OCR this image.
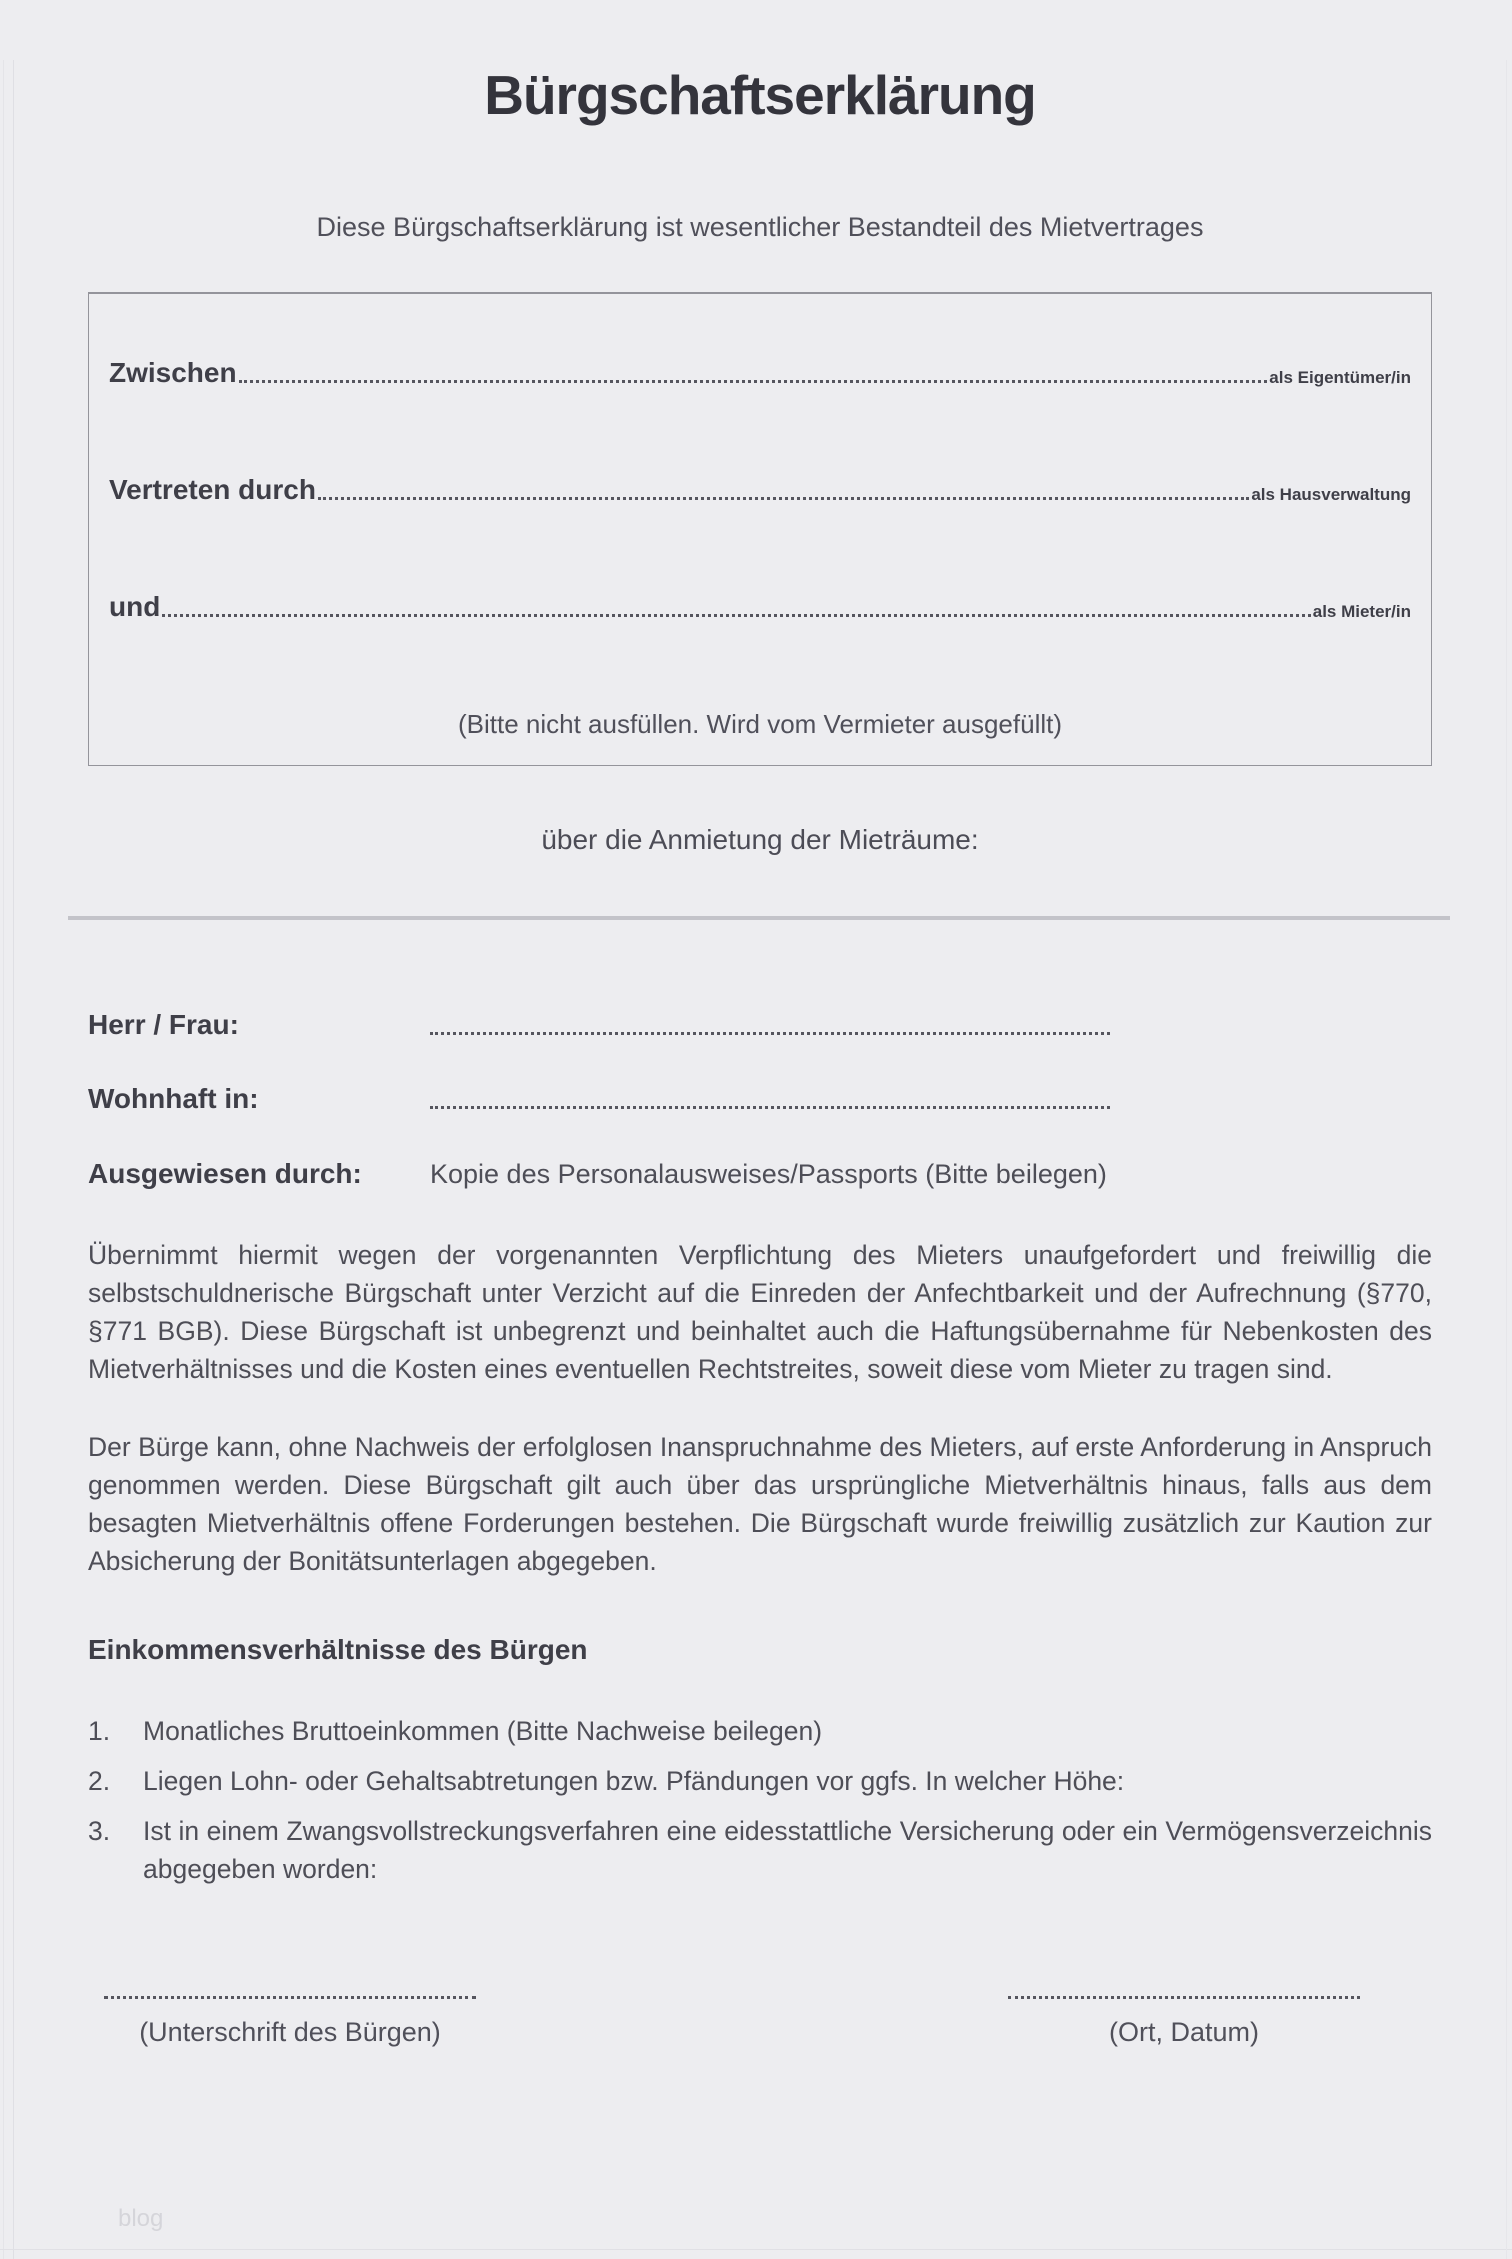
Bürgschaftserklärung
Diese Bürgschaftserklärung ist wesentlicher Bestandteil des Mietvertrages
Zwischen	als Eigentümer/in
Vertreten durch	als Hausverwaltung
und	als Mieter/in
(Bitte nicht ausfüllen. Wird vom Vermieter ausgefüllt)
über die Anmietung der Mieträume:
Herr / Frau:
Wohnhaft in:
Ausgewiesen durch:	Kopie des Personalausweises/Passports (Bitte beilegen)
Übernimmt hiermit wegen der vorgenannten Verpflichtung des Mieters unaufgefordert und freiwillig die selbstschuldnerische Bürgschaft unter Verzicht auf die Einreden der Anfechtbarkeit und der Aufrechnung (§770, §771 BGB). Diese Bürgschaft ist unbegrenzt und beinhaltet auch die Haftungsübernahme für Nebenkosten des Mietverhältnisses und die Kosten eines eventuellen Rechtstreites, soweit diese vom Mieter zu tragen sind.
Der Bürge kann, ohne Nachweis der erfolglosen Inanspruchnahme des Mieters, auf erste Anforderung in Anspruch genommen werden. Diese Bürgschaft gilt auch über das ursprüngliche Mietverhältnis hinaus, falls aus dem besagten Mietverhältnis offene Forderungen bestehen. Die Bürgschaft wurde freiwillig zusätzlich zur Kaution zur Absicherung der Bonitätsunterlagen abgegeben.
Einkommensverhältnisse des Bürgen
1.	Monatliches Bruttoeinkommen (Bitte Nachweise beilegen)
2.	Liegen Lohn- oder Gehaltsabtretungen bzw. Pfändungen vor ggfs. In welcher Höhe:
3.	Ist in einem Zwangsvollstreckungsverfahren eine eidesstattliche Versicherung oder ein Vermögensverzeichnis abgegeben worden:
(Unterschrift des Bürgen)	(Ort, Datum)
blog
